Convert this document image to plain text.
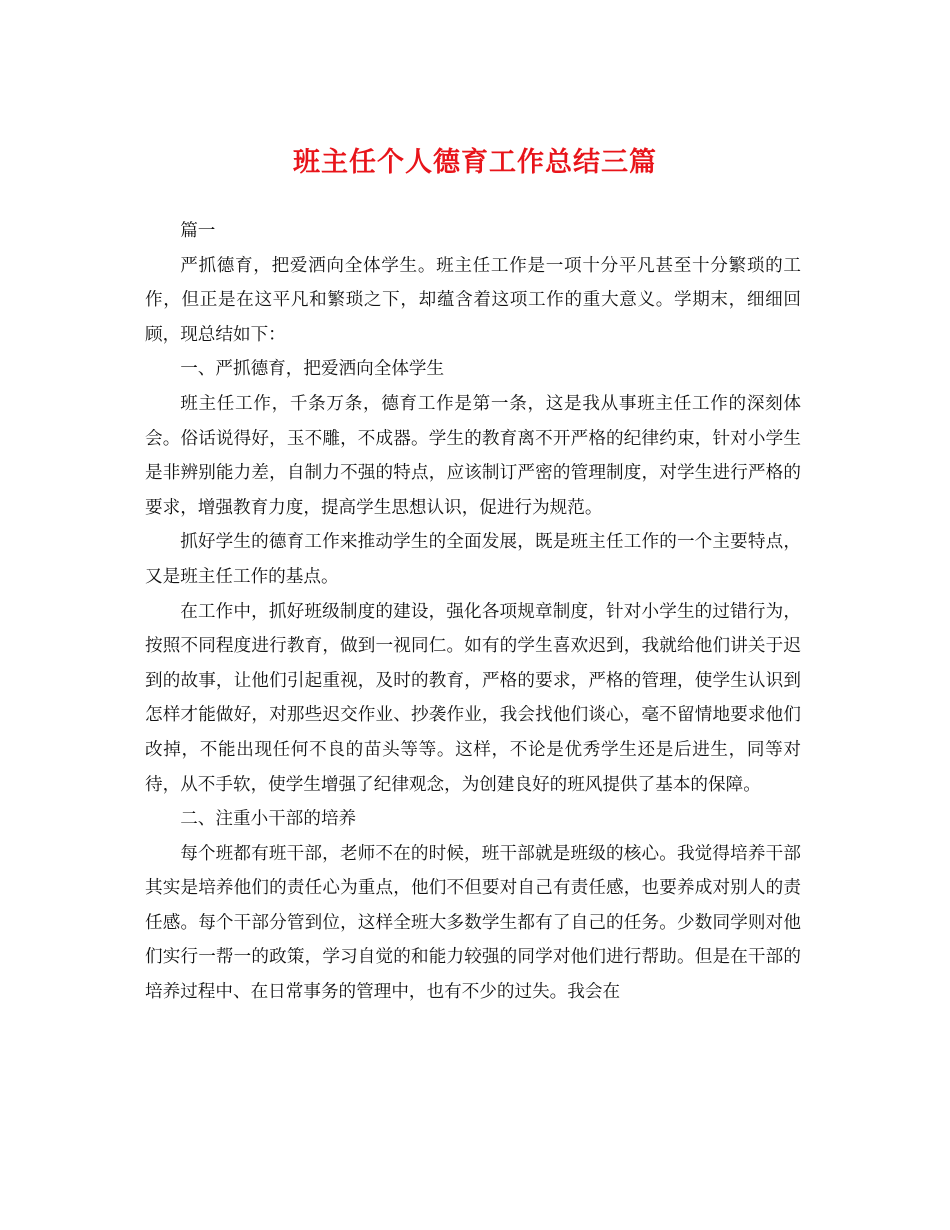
班主任个人德育工作总结三篇

篇一

严抓德育，把爱洒向全体学生。班主任工作是一项十分平凡甚至十分繁琐的工作，但正是在这平凡和繁琐之下，却蕴含着这项工作的重大意义。学期末，细细回顾，现总结如下：

一、严抓德育，把爱洒向全体学生

班主任工作，千条万条，德育工作是第一条，这是我从事班主任工作的深刻体会。俗话说得好，玉不雕，不成器。学生的教育离不开严格的纪律约束，针对小学生是非辨别能力差，自制力不强的特点，应该制订严密的管理制度，对学生进行严格的要求，增强教育力度，提高学生思想认识，促进行为规范。

抓好学生的德育工作来推动学生的全面发展，既是班主任工作的一个主要特点，又是班主任工作的基点。

在工作中，抓好班级制度的建设，强化各项规章制度，针对小学生的过错行为，按照不同程度进行教育，做到一视同仁。如有的学生喜欢迟到，我就给他们讲关于迟到的故事，让他们引起重视，及时的教育，严格的要求，严格的管理，使学生认识到怎样才能做好，对那些迟交作业、抄袭作业，我会找他们谈心，毫不留情地要求他们改掉，不能出现任何不良的苗头等等。这样，不论是优秀学生还是后进生，同等对待，从不手软，使学生增强了纪律观念，为创建良好的班风提供了基本的保障。

二、注重小干部的培养

每个班都有班干部，老师不在的时候，班干部就是班级的核心。我觉得培养干部其实是培养他们的责任心为重点，他们不但要对自己有责任感，也要养成对别人的责任感。每个干部分管到位，这样全班大多数学生都有了自己的任务。少数同学则对他们实行一帮一的政策，学习自觉的和能力较强的同学对他们进行帮助。但是在干部的培养过程中、在日常事务的管理中，也有不少的过失。我会在
